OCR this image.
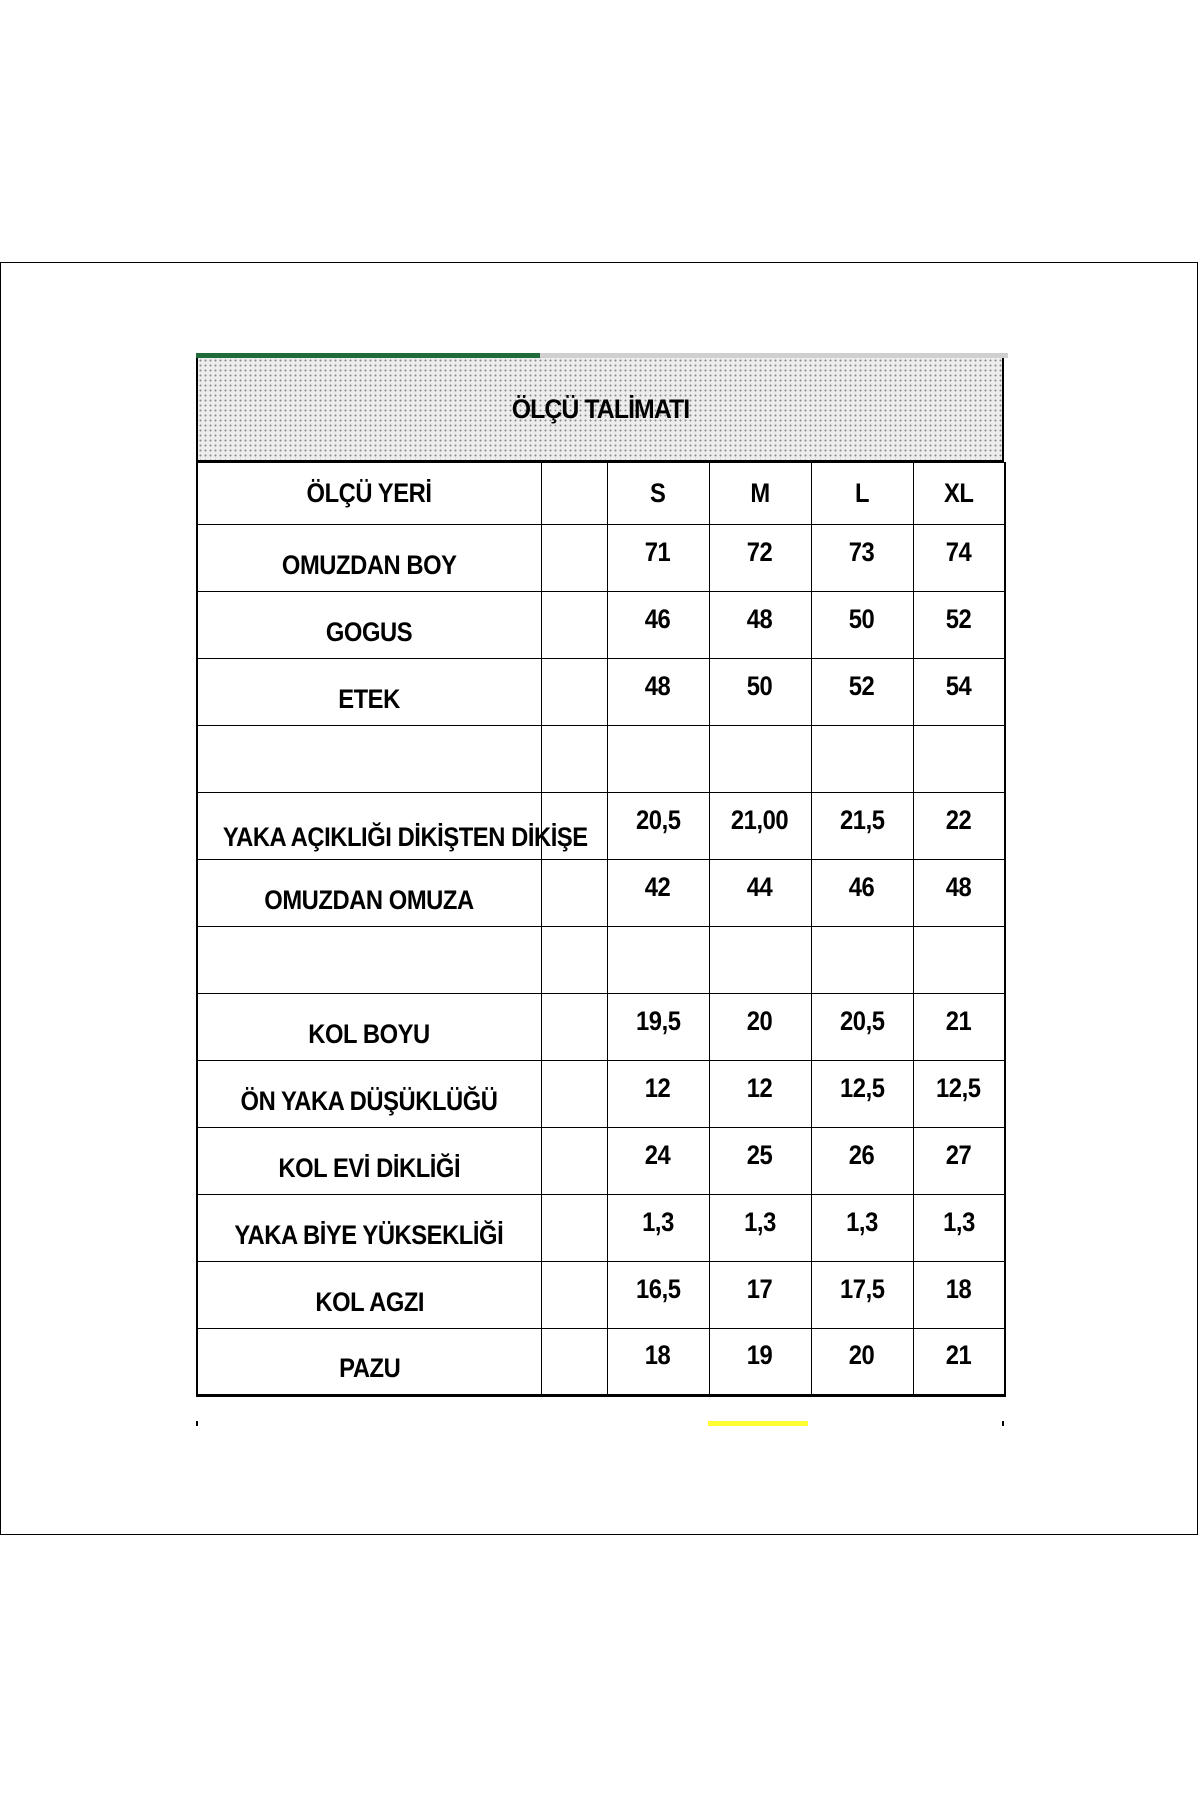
ÖLÇÜ TALİMATI
ÖLÇÜ YERİ		S	M	L	XL
OMUZDAN BOY		71	72	73	74
GOGUS		46	48	50	52
ETEK		48	50	52	54

YAKA AÇIKLIĞI DİKİŞTEN DİKİŞE		20,5	21,00	21,5	22
OMUZDAN OMUZA		42	44	46	48

KOL BOYU		19,5	20	20,5	21
ÖN YAKA DÜŞÜKLÜĞÜ		12	12	12,5	12,5
KOL EVİ DİKLİĞİ		24	25	26	27
YAKA BİYE YÜKSEKLİĞİ		1,3	1,3	1,3	1,3
KOL AGZI		16,5	17	17,5	18
PAZU		18	19	20	21
